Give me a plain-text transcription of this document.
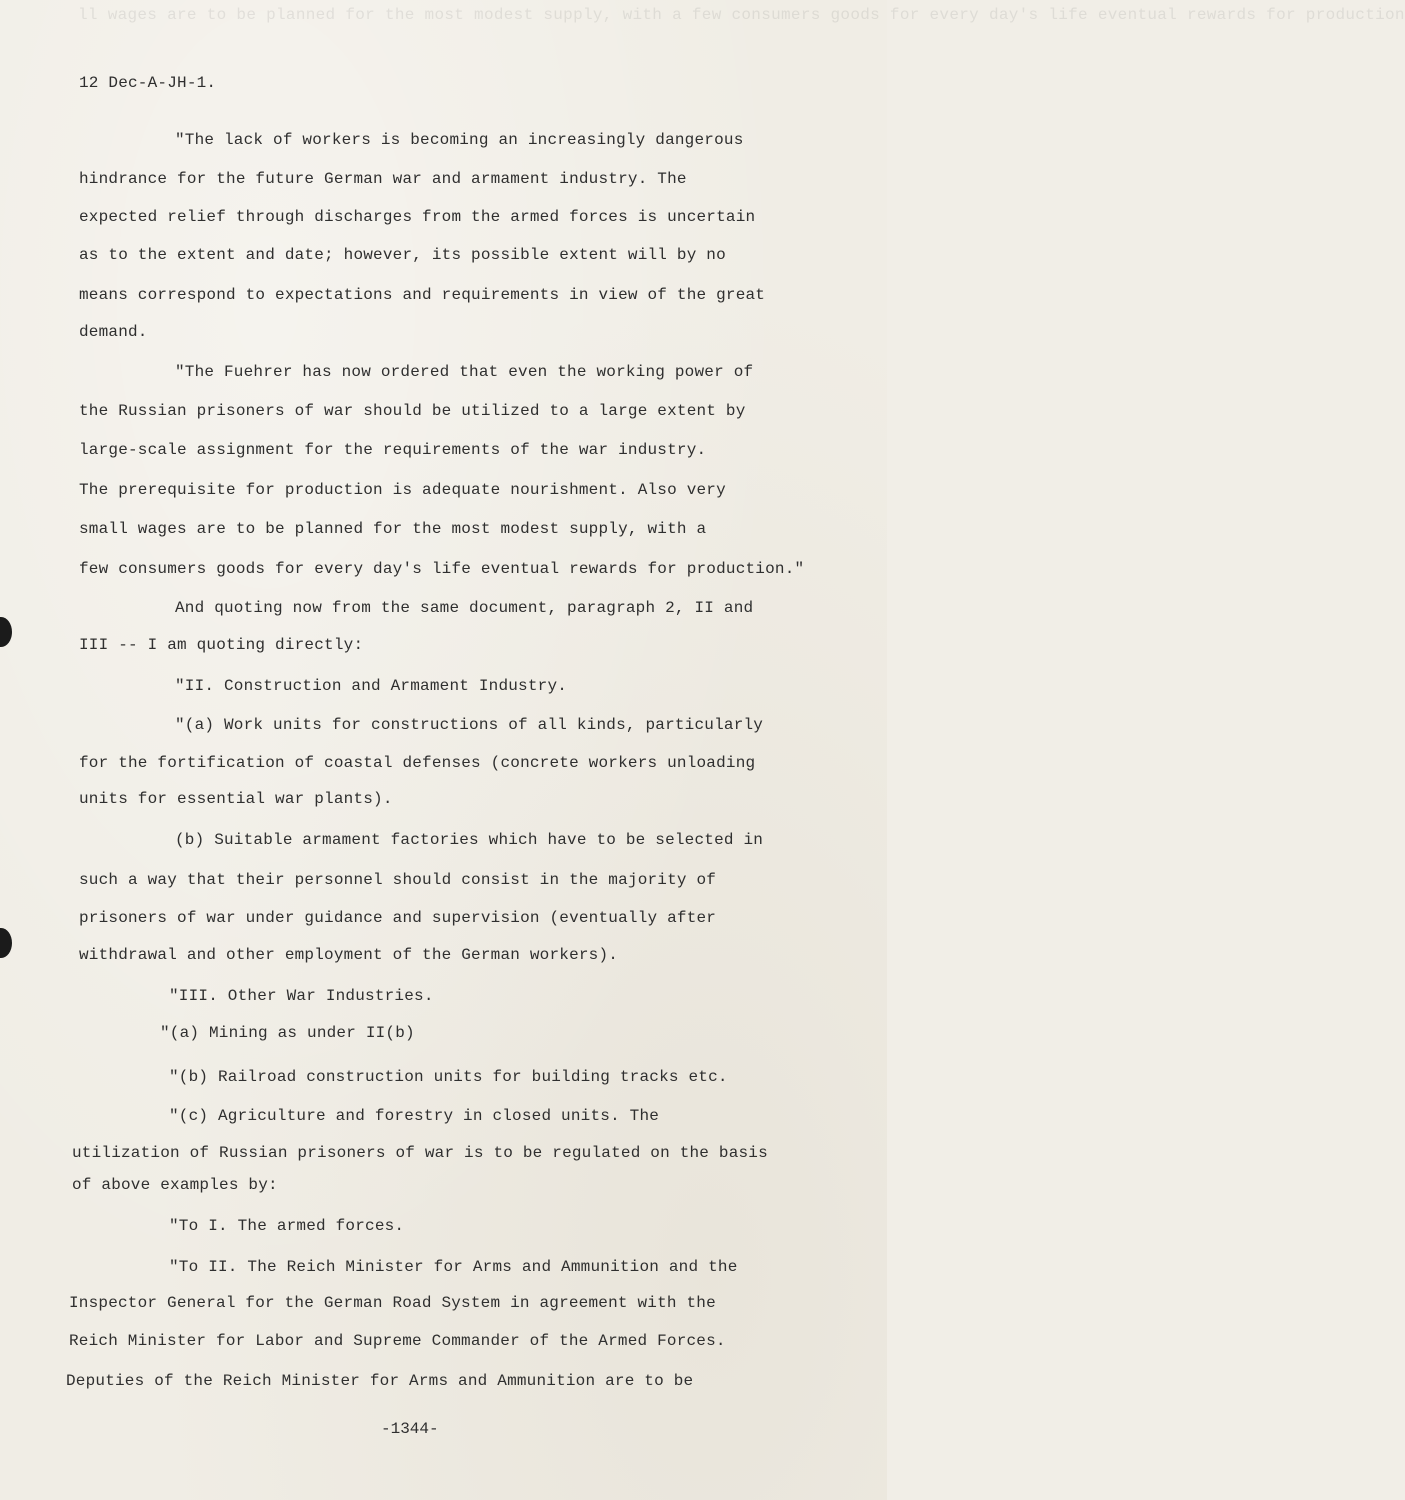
ll wages are to be planned for the most modest supply, with a few consumers goods for every day's life eventual rewards for production
12 Dec-A-JH-1.
"The lack of workers is becoming an increasingly dangerous
hindrance for the future German war and armament industry. The
expected relief through discharges from the armed forces is uncertain
as to the extent and date; however, its possible extent will by no
means correspond to expectations and requirements in view of the great
demand.
"The Fuehrer has now ordered that even the working power of
the Russian prisoners of war should be utilized to a large extent by
large-scale assignment for the requirements of the war industry.
The prerequisite for production is adequate nourishment. Also very
small wages are to be planned for the most modest supply, with a
few consumers goods for every day's life eventual rewards for production."
And quoting now from the same document, paragraph 2, II and
III -- I am quoting directly:
"II. Construction and Armament Industry.
"(a) Work units for constructions of all kinds, particularly
for the fortification of coastal defenses (concrete workers unloading
units for essential war plants).
(b) Suitable armament factories which have to be selected in
such a way that their personnel should consist in the majority of
prisoners of war under guidance and supervision (eventually after
withdrawal and other employment of the German workers).
"III. Other War Industries.
"(a) Mining as under II(b)
"(b) Railroad construction units for building tracks etc.
"(c) Agriculture and forestry in closed units. The
utilization of Russian prisoners of war is to be regulated on the basis
of above examples by:
"To I. The armed forces.
"To II. The Reich Minister for Arms and Ammunition and the
Inspector General for the German Road System in agreement with the
Reich Minister for Labor and Supreme Commander of the Armed Forces.
Deputies of the Reich Minister for Arms and Ammunition are to be
-1344-
